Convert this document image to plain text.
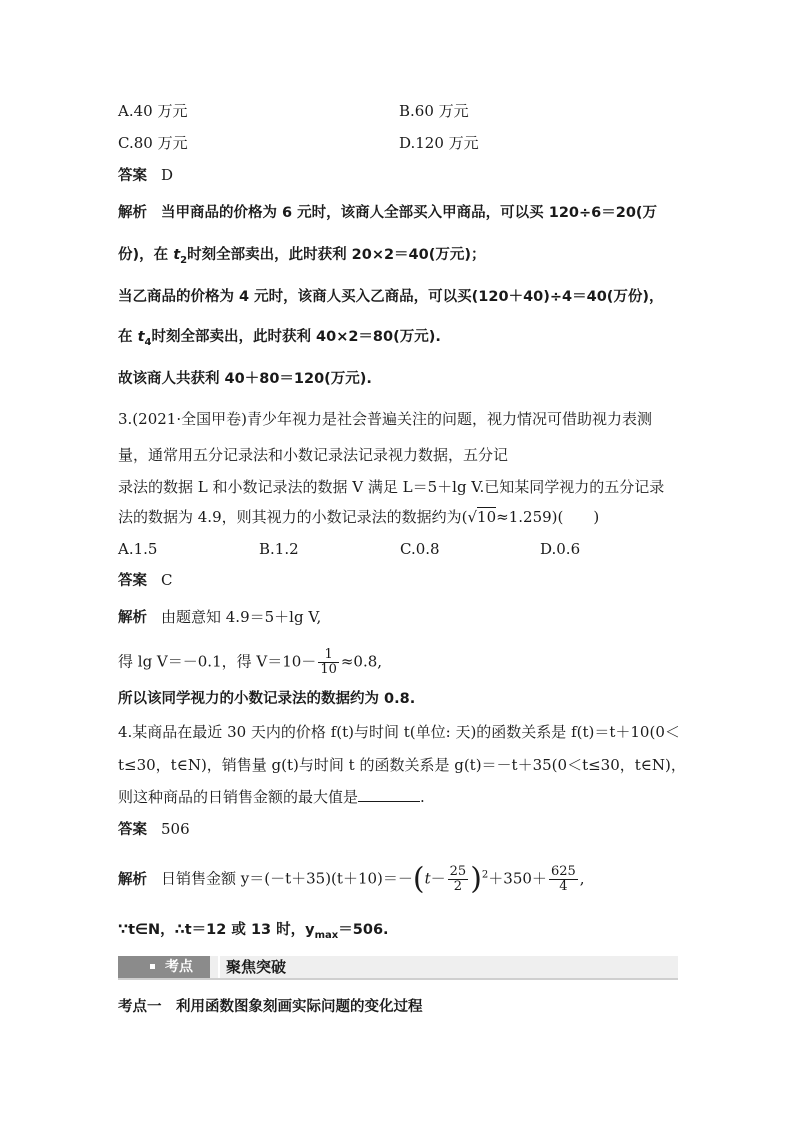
A.40 万元	B.60 万元
C.80 万元	D.120 万元
答案 D
解析 当甲商品的价格为 6 元时，该商人全部买入甲商品，可以买 120÷6＝20(万
份)，在 $t_2$时刻全部卖出，此时获利 20×2＝40(万元)；
当乙商品的价格为 4 元时，该商人买入乙商品，可以买(120＋40)÷4＝40(万份)，
在 $t_4$时刻全部卖出，此时获利 40×2＝80(万元).
故该商人共获利 40＋80＝120(万元).
3.(2021·全国甲卷)青少年视力是社会普遍关注的问题，视力情况可借助视力表测
量，通常用五分记录法和小数记录法记录视力数据，五分记
录法的数据 L 和小数记录法的数据 V 满足 L＝5＋lg V.已知某同学视力的五分记录
法的数据为 4.9，则其视力的小数记录法的数据约为(√10≈1.259)(　　)
A.1.5	B.1.2	C.0.8	D.0.6
答案 C
解析 由题意知 4.9＝5＋lg V,
得 lg V＝－0.1，得 $V=10- \frac{1}{10} \approx 0.8$,
所以该同学视力的小数记录法的数据约为 0.8.
4.某商品在最近 30 天内的价格 f(t)与时间 t(单位: 天)的函数关系是 f(t)＝t＋10(0＜
t≤30，t∈N)，销售量 g(t)与时间 t 的函数关系是 g(t)＝－t＋35(0＜t≤30，t∈N)，
则这种商品的日销售金额的最大值是	.
答案 506
解析 日销售金额 $y=(-t+35)(t+10)=-(t- \frac{25}{2} )^2+350+ \frac{625}{4}$ ,
∵t∈N，∴t＝12 或 13 时，$y_{max}=506$.
考点	聚焦突破
考点一　利用函数图象刻画实际问题的变化过程
